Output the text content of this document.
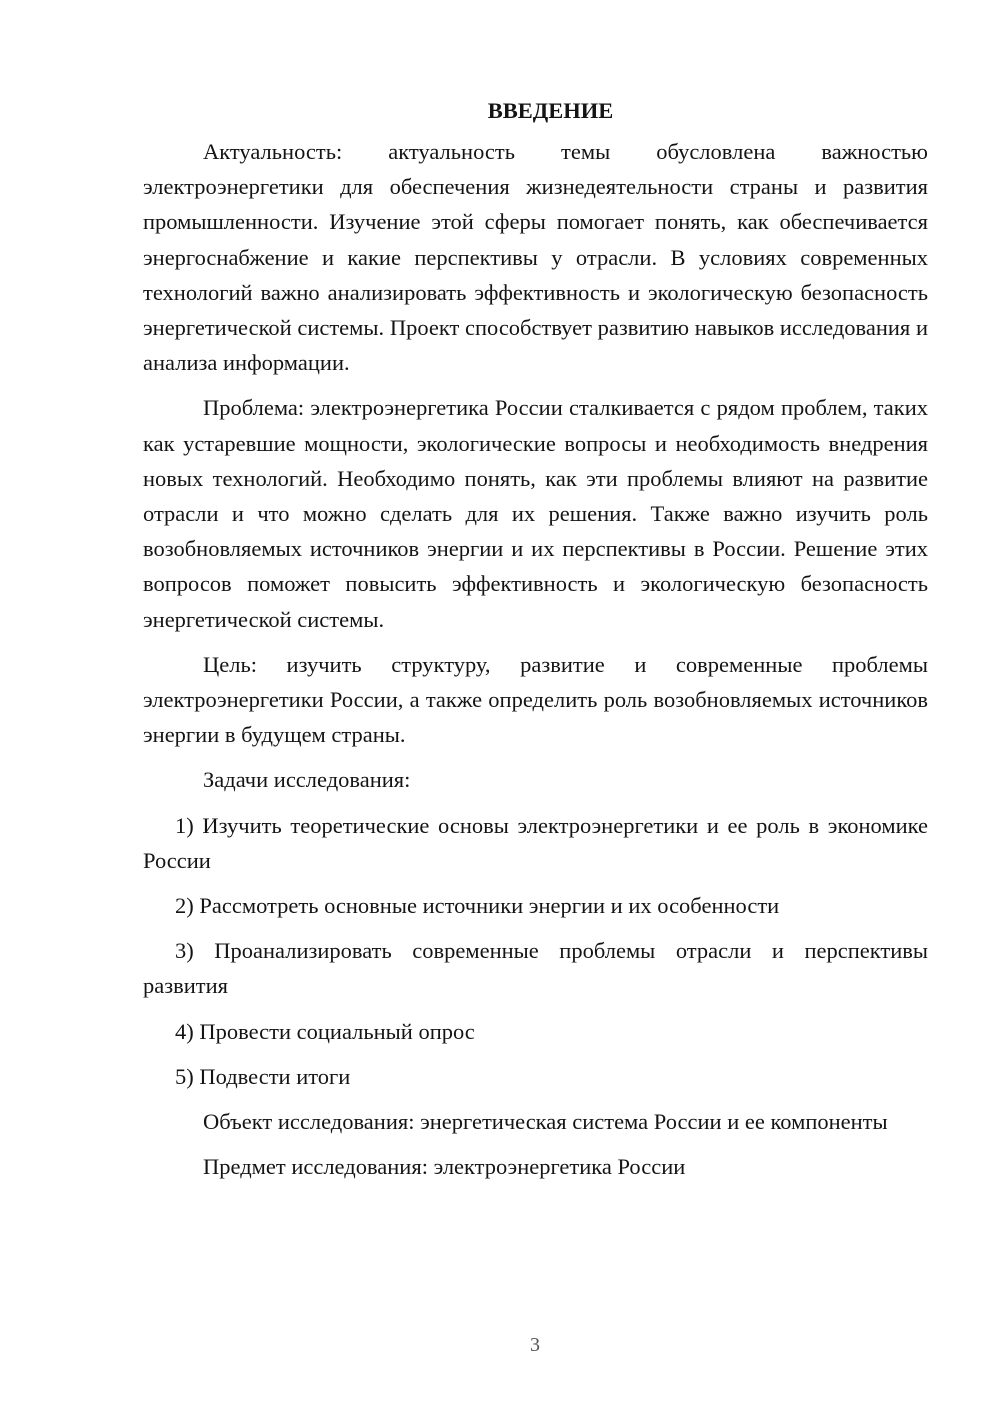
ВВЕДЕНИЕ

Актуальность: актуальность темы обусловлена важностью электроэнергетики для обеспечения жизнедеятельности страны и развития промышленности. Изучение этой сферы помогает понять, как обеспечивается энергоснабжение и какие перспективы у отрасли. В условиях современных технологий важно анализировать эффективность и экологическую безопасность энергетической системы. Проект способствует развитию навыков исследования и анализа информации.

Проблема: электроэнергетика России сталкивается с рядом проблем, таких как устаревшие мощности, экологические вопросы и необходимость внедрения новых технологий. Необходимо понять, как эти проблемы влияют на развитие отрасли и что можно сделать для их решения. Также важно изучить роль возобновляемых источников энергии и их перспективы в России. Решение этих вопросов поможет повысить эффективность и экологическую безопасность энергетической системы.

Цель: изучить структуру, развитие и современные проблемы электроэнергетики России, а также определить роль возобновляемых источников энергии в будущем страны.

Задачи исследования:

1) Изучить теоретические основы электроэнергетики и ее роль в экономике России

2) Рассмотреть основные источники энергии и их особенности

3) Проанализировать современные проблемы отрасли и перспективы развития

4) Провести социальный опрос

5) Подвести итоги

Объект исследования: энергетическая система России и ее компоненты

Предмет исследования: электроэнергетика России

3
